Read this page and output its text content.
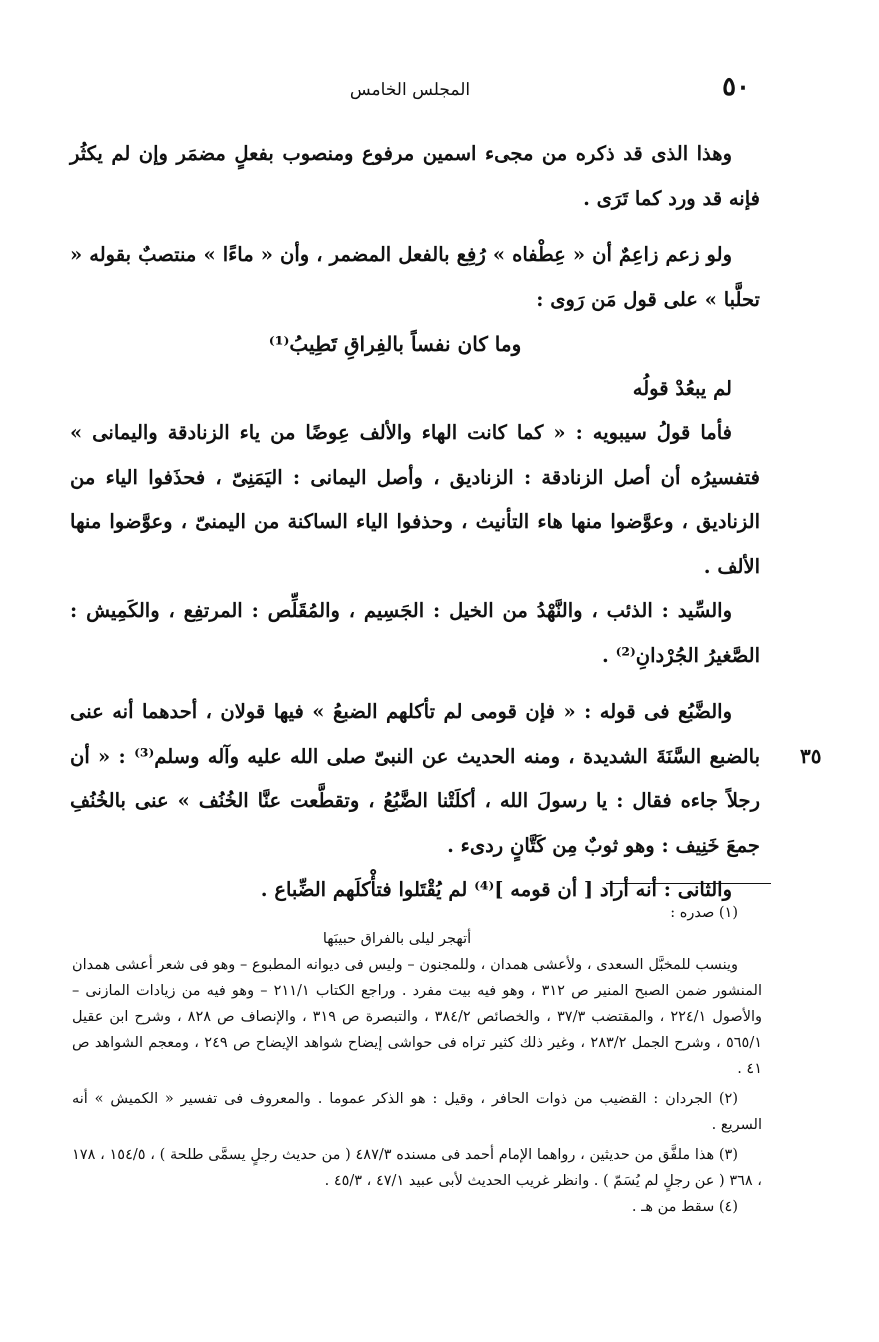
٥٠
المجلس الخامس

وهذا الذى قد ذكره من مجىء اسمين مرفوع ومنصوب بفعلٍ مضمَر وإن لم يكثُر فإنه قد ورد كما تَرَى .

ولو زعم زاعِمٌ أن « عِطْفاه » رُفِع بالفعل المضمر ، وأن « ماءًا » منتصبٌ بقوله « تحلَّبا » على قول مَن رَوى :

وما كان نفساً بالفِراقِ تَطِيبُ⁽¹⁾

لم يبعُدْ قولُه

فأما قولُ سيبويه : « كما كانت الهاء والألف عِوضًا من ياء الزنادقة واليمانى » فتفسيرُه أن أصل الزنادقة : الزناديق ، وأصل اليمانى : اليَمَنِىّ ، فحذَفوا الياء من الزناديق ، وعوَّضوا منها هاء التأنيث ، وحذفوا الياء الساكنة من اليمنىّ ، وعوَّضوا منها الألف .

والسِّيد : الذئب ، والنَّهْدُ من الخيل : الجَسِيم ، والمُقَلِّص : المرتفِع ، والكَمِيش : الصَّغيرُ الجُرْدانِ⁽²⁾ .

والضَّبُع فى قوله : « فإن قومى لم تأكلهم الضبعُ » فيها قولان ، أحدهما أنه عنى بالضبع السَّنَةَ الشديدة ، ومنه الحديث عن النبىّ صلى الله عليه وآله وسلم⁽³⁾ : « أن رجلاً جاءه فقال : يا رسولَ الله ، أكلَتْنا الضَّبُعُ ، وتقطَّعت عنَّا الخُنُف » عنى بالخُنُفِ جمعَ خَنِيف : وهو ثوبٌ مِن كَتَّانٍ ردىء .

والثانى : أنه أراد [ أن قومه ]⁽⁴⁾ لم يُقْتَلوا فتأْكلَهم الضِّباع .

٣٥

(١) صدره :

أتهجر ليلى بالفراق حبيبَها

وينسب للمخبَّل السعدى ، ولأعشى همدان ، وللمجنون – وليس فى ديوانه المطبوع – وهو فى شعر أعشى همدان المنشور ضمن الصبح المنير ص ٣١٢ ، وهو فيه بيت مفرد . وراجع الكتاب ٢١١/١ – وهو فيه من زيادات المازنى – والأصول ٢٢٤/١ ، والمقتضب ٣٧/٣ ، والخصائص ٣٨٤/٢ ، والتبصرة ص ٣١٩ ، والإنصاف ص ٨٢٨ ، وشرح ابن عقيل ٥٦٥/١ ، وشرح الجمل ٢٨٣/٢ ، وغير ذلك كثير تراه فى حواشى إيضاح شواهد الإيضاح ص ٢٤٩ ، ومعجم الشواهد ص ٤١ .

(٢) الجردان : القضيب من ذوات الحافر ، وقيل : هو الذكر عموما . والمعروف فى تفسير « الكميش » أنه السريع .

(٣) هذا ملفَّق من حديثين ، رواهما الإمام أحمد فى مسنده ٤٨٧/٣ ( من حديث رجلٍ يسمَّى طلحة ) ، ١٥٤/٥ ، ١٧٨ ، ٣٦٨ ( عن رجلٍ لم يُسَمّ ) . وانظر غريب الحديث لأبى عبيد ٤٧/١ ، ٤٥/٣ .

(٤) سقط من هـ .
